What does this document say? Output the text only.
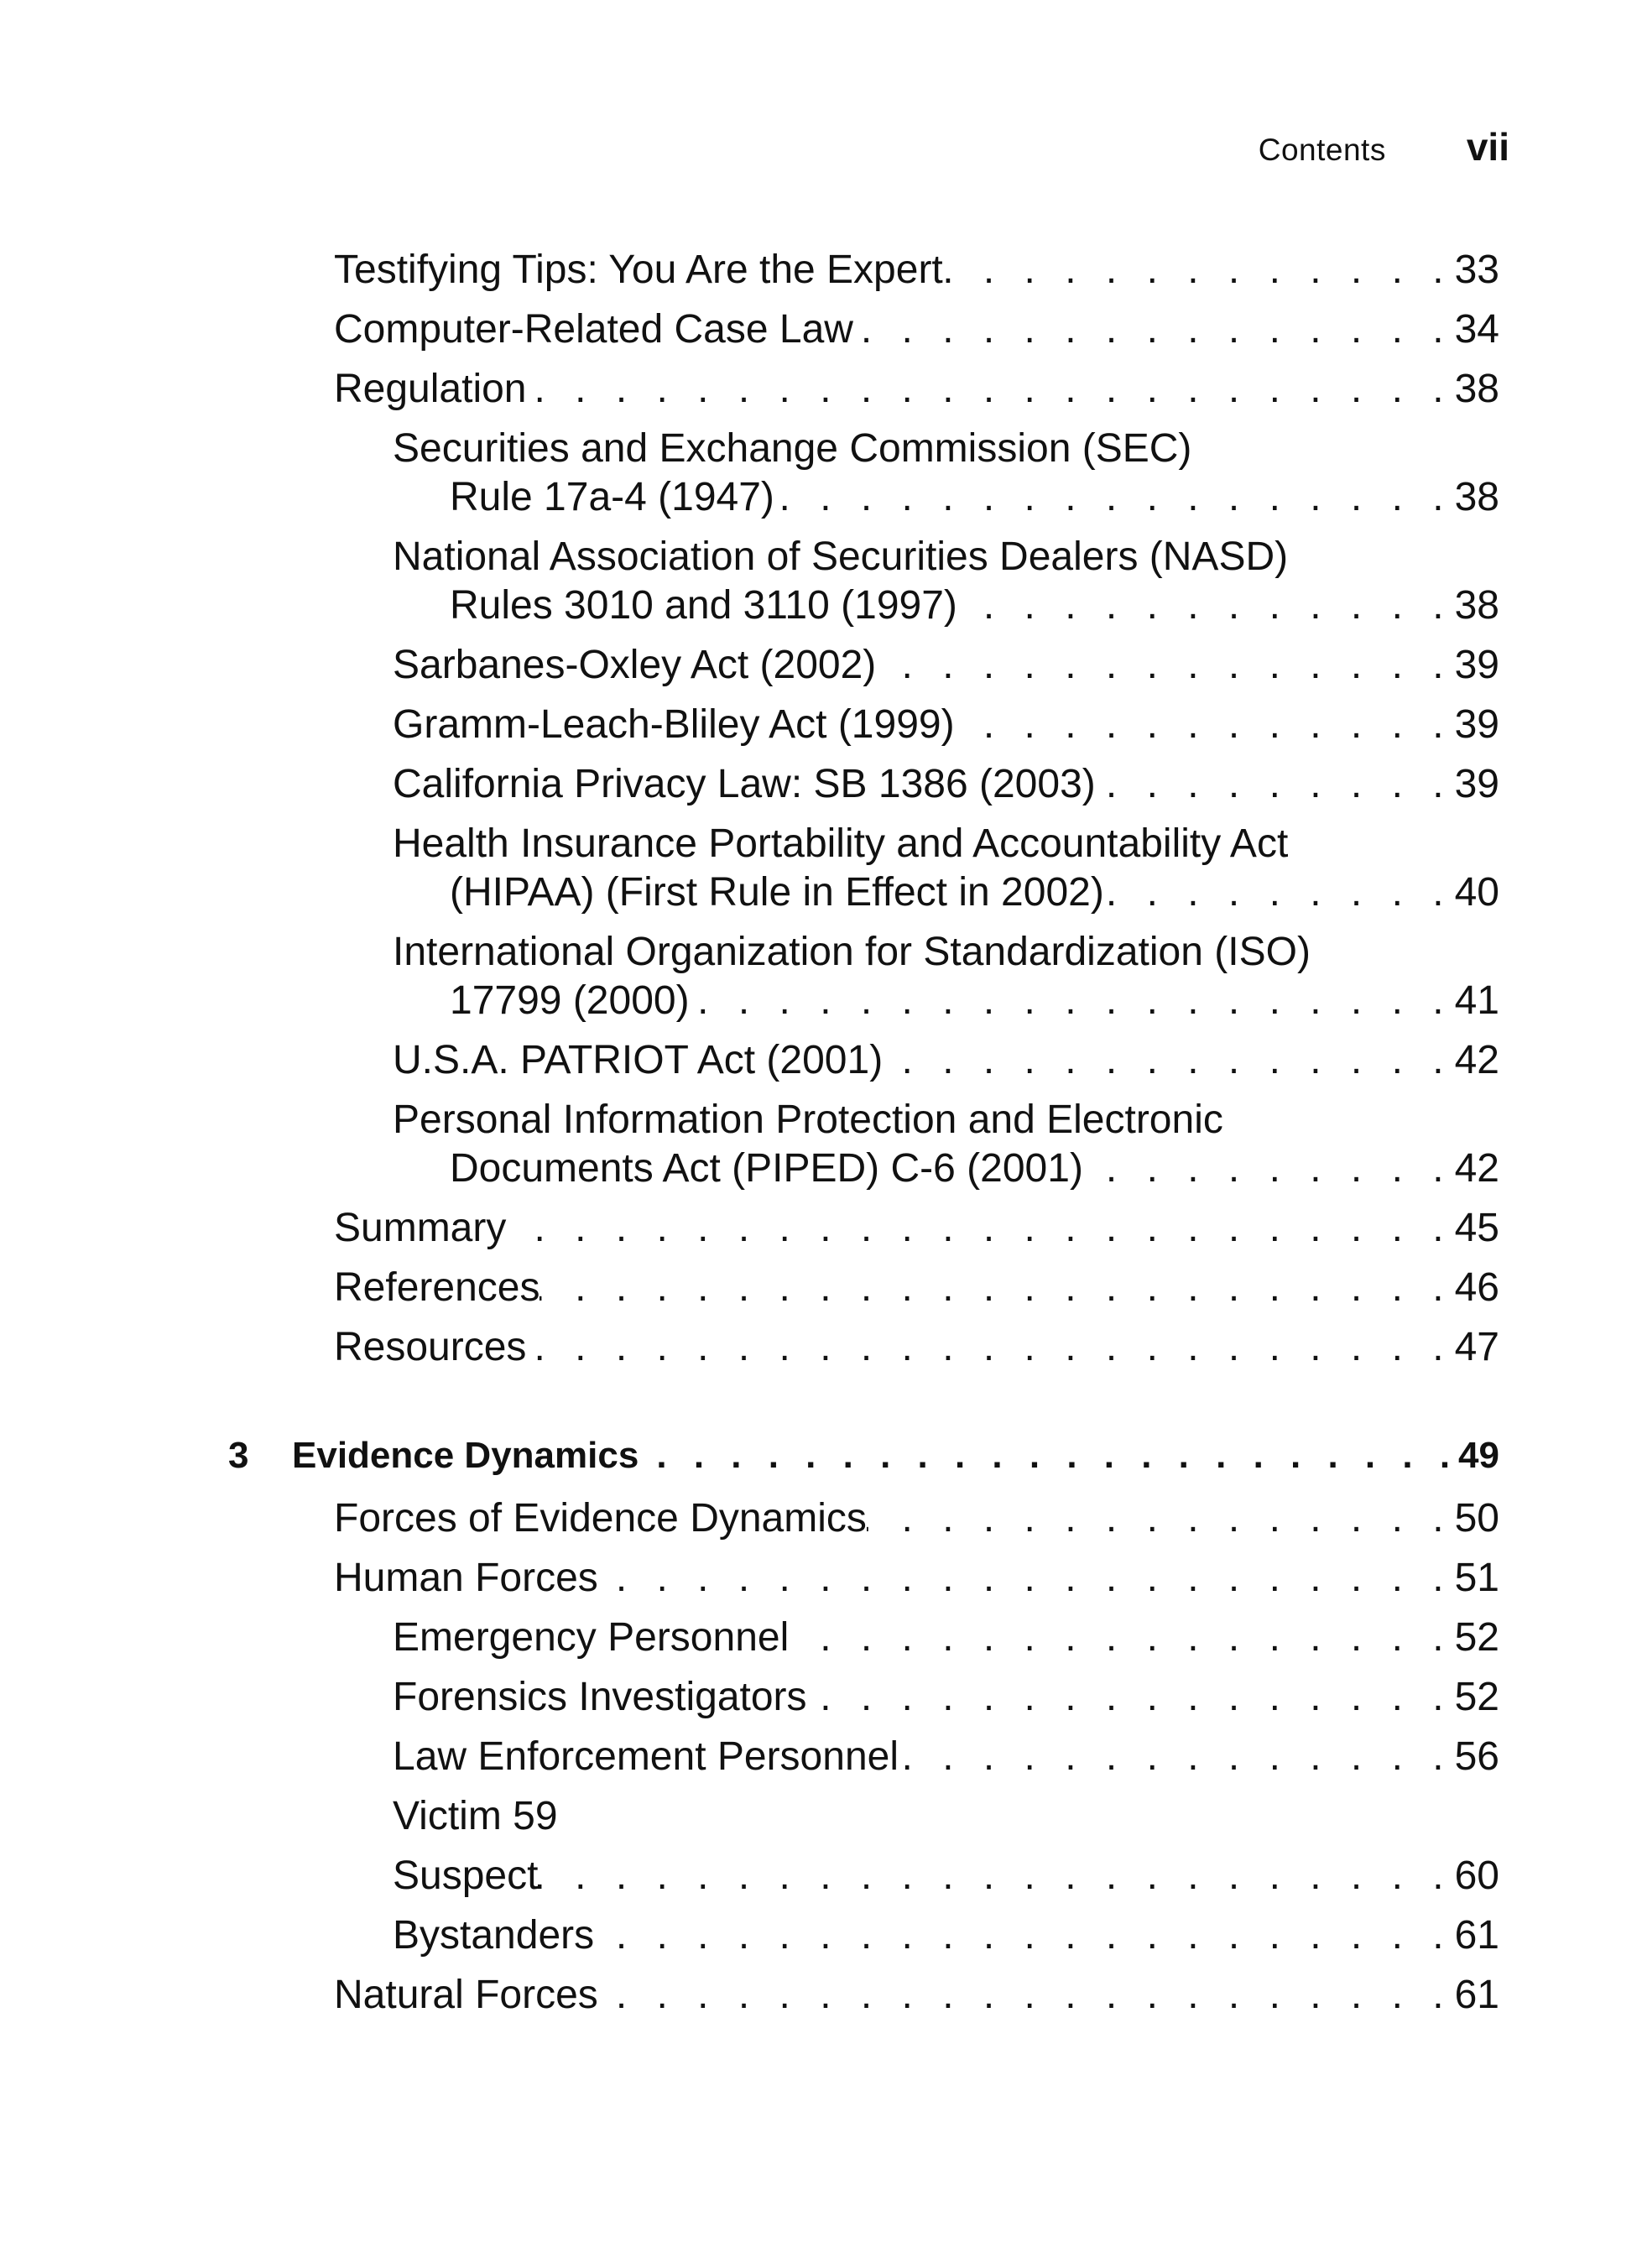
Contents vii
Testifying Tips: You Are the Expert . . .	33
Computer-Related Case Law . . .	34
Regulation . . .	38
Securities and Exchange Commission (SEC)
Rule 17a-4 (1947) . . .	38
National Association of Securities Dealers (NASD)
Rules 3010 and 3110 (1997) . . .	38
Sarbanes-Oxley Act (2002) . . .	39
Gramm-Leach-Bliley Act (1999) . . .	39
California Privacy Law: SB 1386 (2003) . . .	39
Health Insurance Portability and Accountability Act
(HIPAA) (First Rule in Effect in 2002) . . .	40
International Organization for Standardization (ISO)
17799 (2000) . . .	41
U.S.A. PATRIOT Act (2001) . . .	42
Personal Information Protection and Electronic
Documents Act (PIPED) C-6 (2001) . . .	42
Summary . . .	45
References . . .	46
Resources . . .	47
3	Evidence Dynamics . . .	49
Forces of Evidence Dynamics . . .	50
Human Forces . . .	51
Emergency Personnel . . .	52
Forensics Investigators . . .	52
Law Enforcement Personnel . . .	56
Victim 59
Suspect . . .	60
Bystanders . . .	61
Natural Forces . . .	61
